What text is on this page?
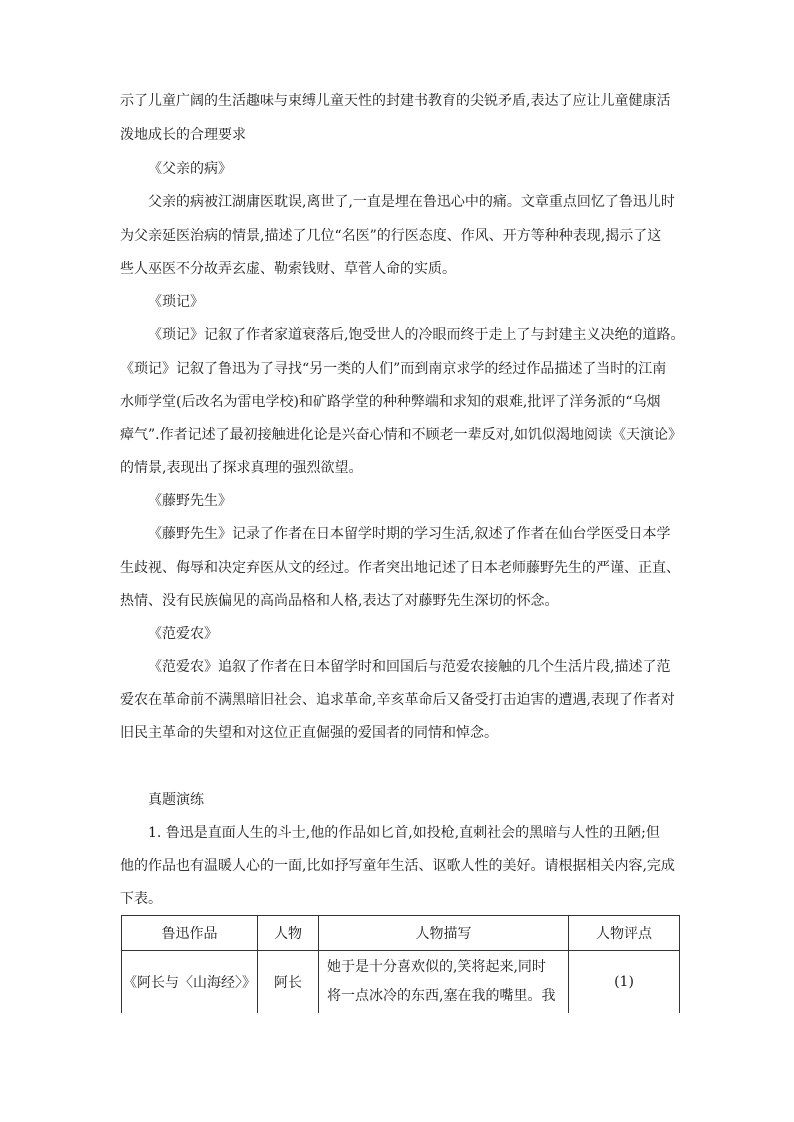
示了儿童广阔的生活趣味与束缚儿童天性的封建书教育的尖锐矛盾,表达了应让儿童健康活
泼地成长的合理要求
《父亲的病》
父亲的病被江湖庸医耽误,离世了,一直是埋在鲁迅心中的痛。文章重点回忆了鲁迅儿时
为父亲延医治病的情景,描述了几位“名医”的行医态度、作风、开方等种种表现,揭示了这
些人巫医不分故弄玄虚、勒索钱财、草菅人命的实质。
《琐记》
《琐记》记叙了作者家道衰落后,饱受世人的冷眼而终于走上了与封建主义决绝的道路。
《琐记》记叙了鲁迅为了寻找“另一类的人们”而到南京求学的经过作品描述了当时的江南
水师学堂(后改名为雷电学校)和矿路学堂的种种弊端和求知的艰难,批评了洋务派的“乌烟
瘴气”.作者记述了最初接触进化论是兴奋心情和不顾老一辈反对,如饥似渴地阅读《天演论》
的情景,表现出了探求真理的强烈欲望。
《藤野先生》
《藤野先生》记录了作者在日本留学时期的学习生活,叙述了作者在仙台学医受日本学
生歧视、侮辱和决定弃医从文的经过。作者突出地记述了日本老师藤野先生的严谨、正直、
热情、没有民族偏见的高尚品格和人格,表达了对藤野先生深切的怀念。
《范爱农》
《范爱农》追叙了作者在日本留学时和回国后与范爱农接触的几个生活片段,描述了范
爱农在革命前不满黑暗旧社会、追求革命,辛亥革命后又备受打击迫害的遭遇,表现了作者对
旧民主革命的失望和对这位正直倔强的爱国者的同情和悼念。
真题演练
1. 鲁迅是直面人生的斗士,他的作品如匕首,如投枪,直刺社会的黑暗与人性的丑陋;但
他的作品也有温暖人心的一面,比如抒写童年生活、讴歌人性的美好。请根据相关内容,完成
下表。
鲁迅作品	人物	人物描写	人物评点
《阿长与〈山海经〉》	阿长	她于是十分喜欢似的,笑将起来,同时
将一点冰冷的东西,塞在我的嘴里。我	(1)
